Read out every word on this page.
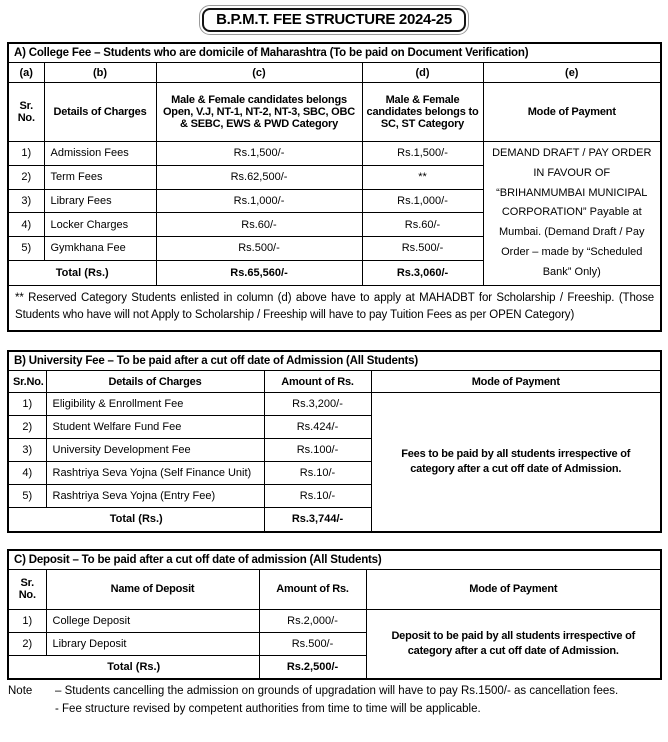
B.P.M.T. FEE STRUCTURE 2024-25
A) College Fee – Students who are domicile of Maharashtra (To be paid on Document Verification)				
(a)	(b)	(c)	(d)	(e)
Sr. No.	Details of Charges	Male & Female candidates belongs Open, V.J, NT-1, NT-2, NT-3, SBC, OBC & SEBC, EWS & PWD Category	Male & Female candidates belongs to SC, ST Category	Mode of Payment
1)	Admission Fees	Rs.1,500/-	Rs.1,500/-	DEMAND DRAFT / PAY ORDER IN FAVOUR OF “BRIHANMUMBAI MUNICIPAL CORPORATION” Payable at Mumbai. (Demand Draft / Pay Order – made by “Scheduled Bank” Only)
2)	Term Fees	Rs.62,500/-	**	
3)	Library Fees	Rs.1,000/-	Rs.1,000/-	
4)	Locker Charges	Rs.60/-	Rs.60/-	
5)	Gymkhana Fee	Rs.500/-	Rs.500/-	
Total (Rs.)		Rs.65,560/-	Rs.3,060/-	
** Reserved Category Students enlisted in column (d) above have to apply at MAHADBT for Scholarship / Freeship. (Those Students who have will not Apply to Scholarship / Freeship will have to pay Tuition Fees as per OPEN Category)				
B) University Fee – To be paid after a cut off date of Admission (All Students)			
Sr.No.	Details of Charges	Amount of Rs.	Mode of Payment
1)	Eligibility & Enrollment Fee	Rs.3,200/-	Fees to be paid by all students irrespective of category after a cut off date of Admission.
2)	Student Welfare Fund Fee	Rs.424/-	
3)	University Development Fee	Rs.100/-	
4)	Rashtriya Seva Yojna (Self Finance Unit)	Rs.10/-	
5)	Rashtriya Seva Yojna (Entry Fee)	Rs.10/-	
Total (Rs.)		Rs.3,744/-	
C) Deposit – To be paid after a cut off date of admission (All Students)			
Sr. No.	Name of Deposit	Amount of Rs.	Mode of Payment
1)	College Deposit	Rs.2,000/-	Deposit to be paid by all students irrespective of category after a cut off date of Admission.
2)	Library Deposit	Rs.500/-	
Total (Rs.)		Rs.2,500/-	
Note	– Students cancelling the admission on grounds of upgradation will have to pay Rs.1500/- as cancellation fees.
- Fee structure revised by competent authorities from time to time will be applicable.
